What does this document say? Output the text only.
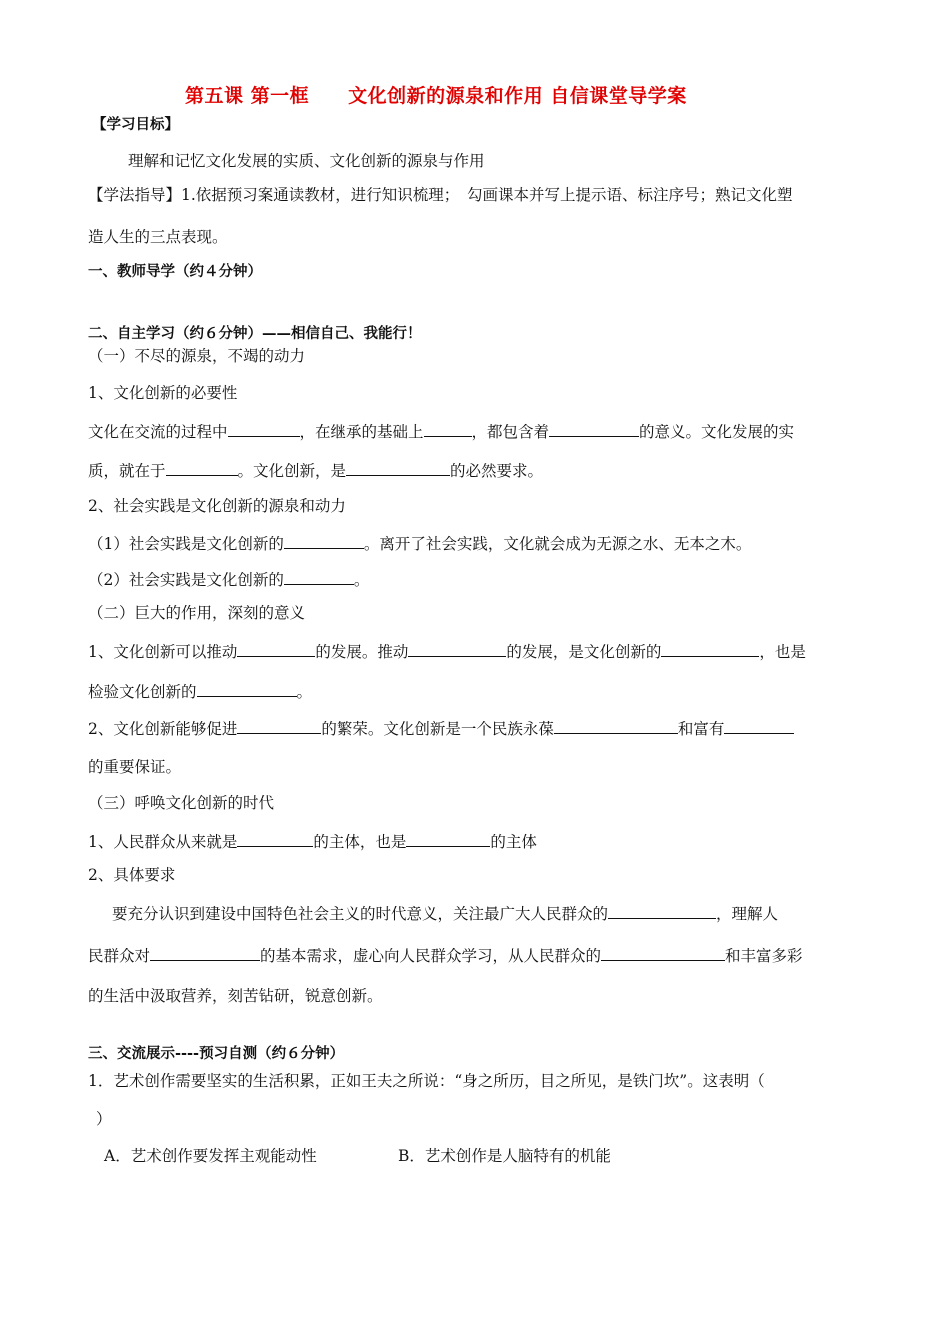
第五课 第一框　　文化创新的源泉和作用 自信课堂导学案
【学习目标】
理解和记忆文化发展的实质、文化创新的源泉与作用
【学法指导】1.依据预习案通读教材，进行知识梳理；　勾画课本并写上提示语、标注序号；熟记文化塑
造人生的三点表现。
一、教师导学（约４分钟）
二、自主学习（约６分钟）——相信自己、我能行！
（一）不尽的源泉，不竭的动力
1、文化创新的必要性
文化在交流的过程中	，在继承的基础上	，都包含着	的意义。文化发展的实
质，就在于	。文化创新，是	的必然要求。
2、社会实践是文化创新的源泉和动力
（1）社会实践是文化创新的	。离开了社会实践，文化就会成为无源之水、无本之木。
（2）社会实践是文化创新的	。
（二）巨大的作用，深刻的意义
1、文化创新可以推动	的发展。推动	的发展，是文化创新的	，也是
检验文化创新的	。
2、文化创新能够促进	的繁荣。文化创新是一个民族永葆	和富有
的重要保证。
（三）呼唤文化创新的时代
1、人民群众从来就是	的主体，也是	的主体
2、具体要求
要充分认识到建设中国特色社会主义的时代意义，关注最广大人民群众的	，理解人
民群众对	的基本需求，虚心向人民群众学习，从人民群众的	和丰富多彩
的生活中汲取营养，刻苦钻研，锐意创新。
三、交流展示----预习自测（约６分钟）
1．艺术创作需要坚实的生活积累，正如王夫之所说：“身之所历，目之所见，是铁门坎”。这表明（
）
A．艺术创作要发挥主观能动性	B．艺术创作是人脑特有的机能
